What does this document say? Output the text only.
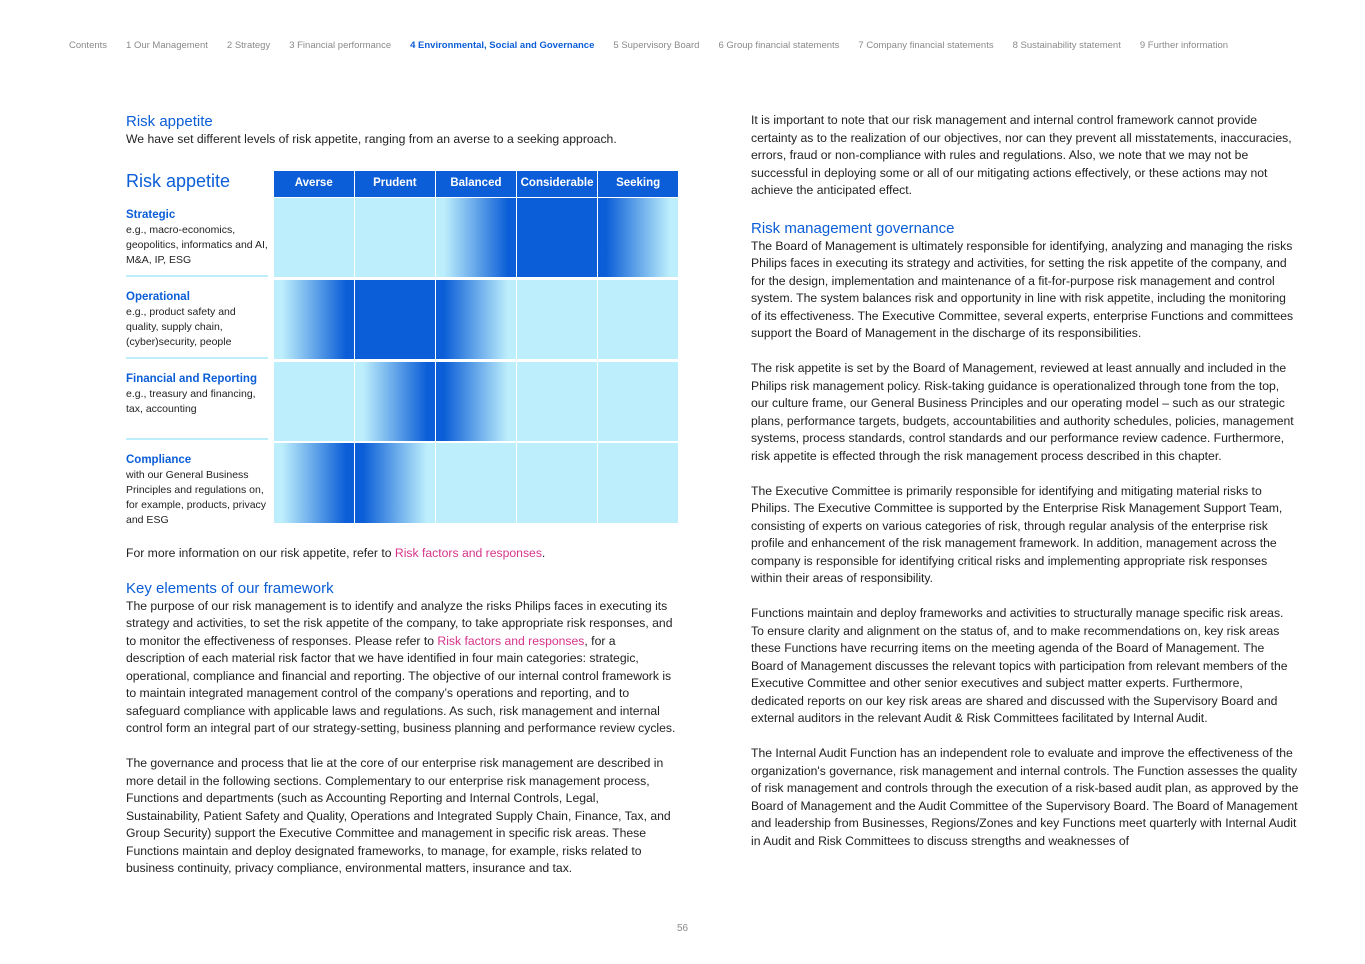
Contents 1 Our Management 2 Strategy 3 Financial performance 4 Environmental, Social and Governance 5 Supervisory Board 6 Group financial statements 7 Company financial statements 8 Sustainability statement 9 Further information
Risk appetite
We have set different levels of risk appetite, ranging from an averse to a seeking approach.
Risk appetite	Averse	Prudent	Balanced	Considerable	Seeking
Strategic
e.g., macro-economics, geopolitics, informatics and AI, M&A, IP, ESG
Operational
e.g., product safety and quality, supply chain, (cyber)security, people
Financial and Reporting
e.g., treasury and financing, tax, accounting
Compliance
with our General Business Principles and regulations on, for example, products, privacy and ESG

For more information on our risk appetite, refer to Risk factors and responses.

Key elements of our framework

The purpose of our risk management is to identify and analyze the risks Philips faces in executing its strategy and activities, to set the risk appetite of the company, to take appropriate risk responses, and to monitor the effectiveness of responses. Please refer to Risk factors and responses, for a description of each material risk factor that we have identified in four main categories: strategic, operational, compliance and financial and reporting. The objective of our internal control framework is to maintain integrated management control of the company’s operations and reporting, and to safeguard compliance with applicable laws and regulations. As such, risk management and internal control form an integral part of our strategy-setting, business planning and performance review cycles.

The governance and process that lie at the core of our enterprise risk management are described in more detail in the following sections. Complementary to our enterprise risk management process, Functions and departments (such as Accounting Reporting and Internal Controls, Legal, Sustainability, Patient Safety and Quality, Operations and Integrated Supply Chain, Finance, Tax, and Group Security) support the Executive Committee and management in specific risk areas. These Functions maintain and deploy designated frameworks, to manage, for example, risks related to business continuity, privacy compliance, environmental matters, insurance and tax.

It is important to note that our risk management and internal control framework cannot provide certainty as to the realization of our objectives, nor can they prevent all misstatements, inaccuracies, errors, fraud or non-compliance with rules and regulations. Also, we note that we may not be successful in deploying some or all of our mitigating actions effectively, or these actions may not achieve the anticipated effect.

Risk management governance

The Board of Management is ultimately responsible for identifying, analyzing and managing the risks Philips faces in executing its strategy and activities, for setting the risk appetite of the company, and for the design, implementation and maintenance of a fit-for-purpose risk management and control system. The system balances risk and opportunity in line with risk appetite, including the monitoring of its effectiveness. The Executive Committee, several experts, enterprise Functions and committees support the Board of Management in the discharge of its responsibilities.

The risk appetite is set by the Board of Management, reviewed at least annually and included in the Philips risk management policy. Risk-taking guidance is operationalized through tone from the top, our culture frame, our General Business Principles and our operating model – such as our strategic plans, performance targets, budgets, accountabilities and authority schedules, policies, management systems, process standards, control standards and our performance review cadence. Furthermore, risk appetite is effected through the risk management process described in this chapter.

The Executive Committee is primarily responsible for identifying and mitigating material risks to Philips. The Executive Committee is supported by the Enterprise Risk Management Support Team, consisting of experts on various categories of risk, through regular analysis of the enterprise risk profile and enhancement of the risk management framework. In addition, management across the company is responsible for identifying critical risks and implementing appropriate risk responses within their areas of responsibility.

Functions maintain and deploy frameworks and activities to structurally manage specific risk areas. To ensure clarity and alignment on the status of, and to make recommendations on, key risk areas these Functions have recurring items on the meeting agenda of the Board of Management. The Board of Management discusses the relevant topics with participation from relevant members of the Executive Committee and other senior executives and subject matter experts. Furthermore, dedicated reports on our key risk areas are shared and discussed with the Supervisory Board and external auditors in the relevant Audit & Risk Committees facilitated by Internal Audit.

The Internal Audit Function has an independent role to evaluate and improve the effectiveness of the organization's governance, risk management and internal controls. The Function assesses the quality of risk management and controls through the execution of a risk-based audit plan, as approved by the Board of Management and the Audit Committee of the Supervisory Board. The Board of Management and leadership from Businesses, Regions/Zones and key Functions meet quarterly with Internal Audit in Audit and Risk Committees to discuss strengths and weaknesses of

56
